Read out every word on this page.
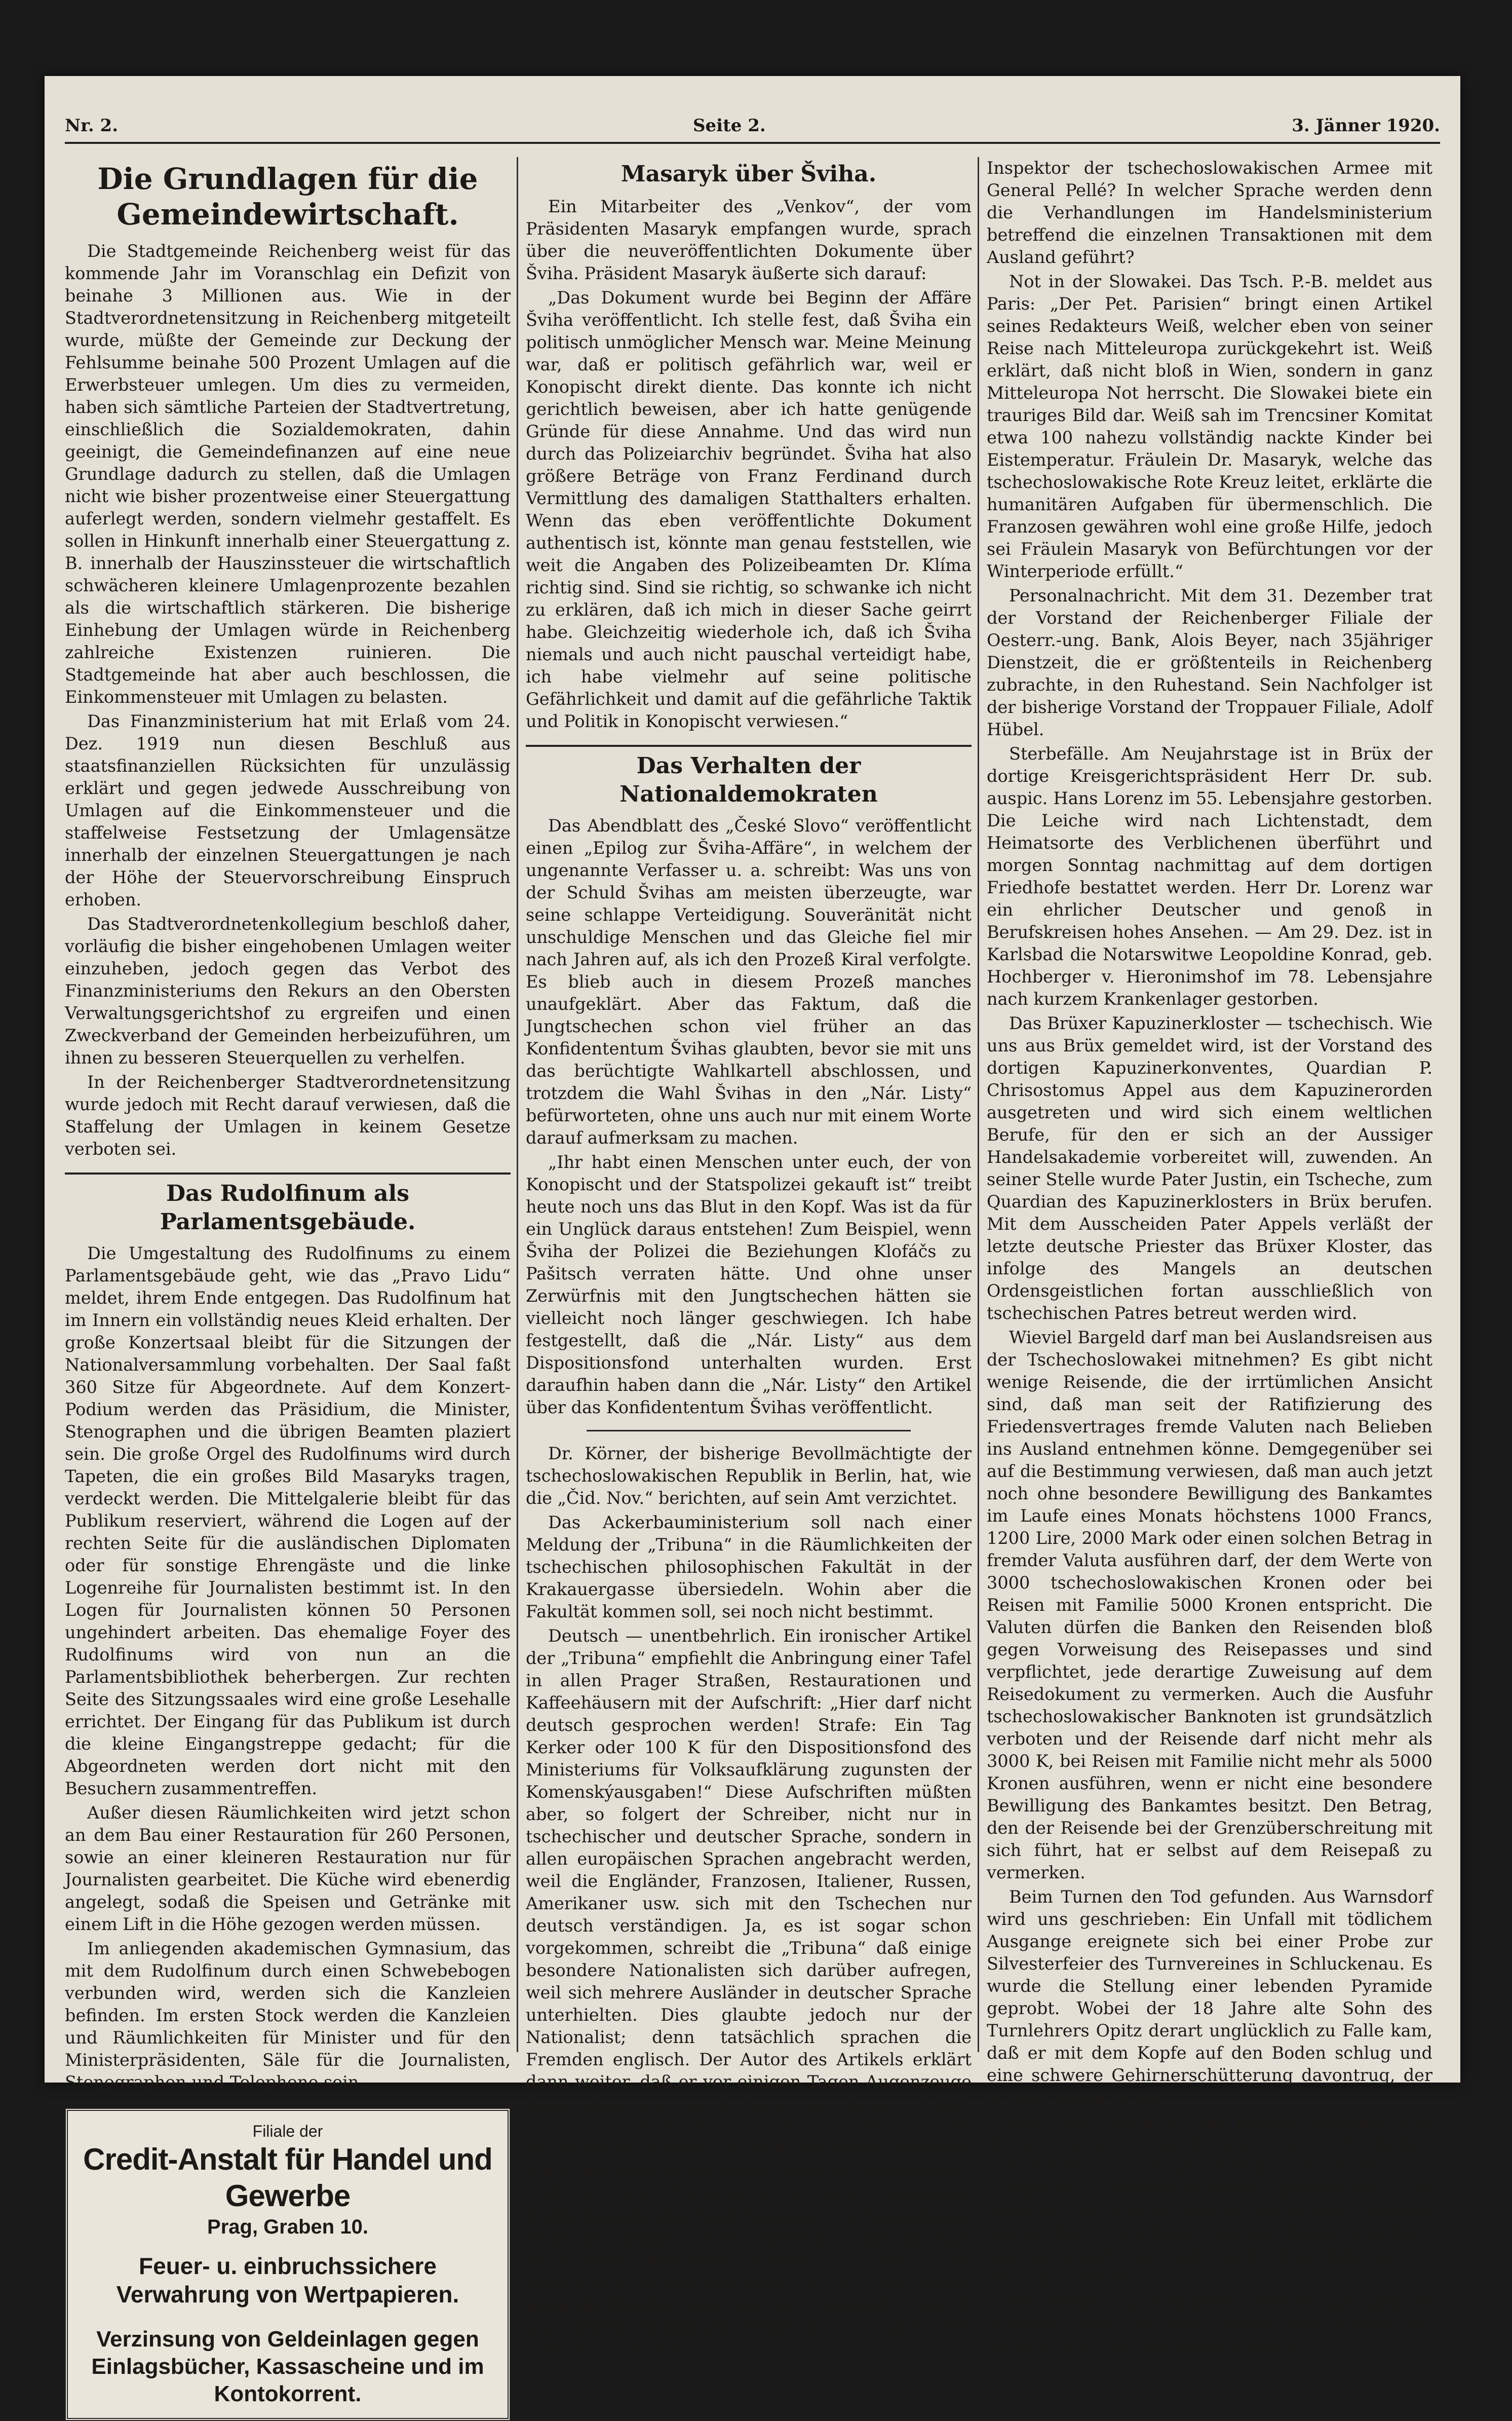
Nr. 2.	Seite 2.	3. Jänner 1920.
Die Grundlagen für die Gemeindewirtschaft.

Die Stadtgemeinde Reichenberg weist für das kommende Jahr im Voranschlag ein Defizit von beinahe 3 Millionen aus. Wie in der Stadtverordnetensitzung in Reichenberg mitgeteilt wurde, müßte der Gemeinde zur Deckung der Fehlsumme beinahe 500 Prozent Umlagen auf die Erwerbsteuer umlegen. Um dies zu vermeiden, haben sich sämtliche Parteien der Stadtvertretung, einschließlich die Sozialdemokraten, dahin geeinigt, die Gemeindefinanzen auf eine neue Grundlage dadurch zu stellen, daß die Umlagen nicht wie bisher prozentweise einer Steuergattung auferlegt werden, sondern vielmehr gestaffelt. Es sollen in Hinkunft innerhalb einer Steuergattung z. B. innerhalb der Hauszinssteuer die wirtschaftlich schwächeren kleinere Umlagenprozente bezahlen als die wirtschaftlich stärkeren. Die bisherige Einhebung der Umlagen würde in Reichenberg zahlreiche Existenzen ruinieren. Die Stadtgemeinde hat aber auch beschlossen, die Einkommensteuer mit Umlagen zu belasten.

Das Finanzministerium hat mit Erlaß vom 24. Dez. 1919 nun diesen Beschluß aus staatsfinanziellen Rücksichten für unzulässig erklärt und gegen jedwede Ausschreibung von Umlagen auf die Einkommensteuer und die staffelweise Festsetzung der Umlagensätze innerhalb der einzelnen Steuergattungen je nach der Höhe der Steuervorschreibung Einspruch erhoben.

Das Stadtverordnetenkollegium beschloß daher, vorläufig die bisher eingehobenen Umlagen weiter einzuheben, jedoch gegen das Verbot des Finanzministeriums den Rekurs an den Obersten Verwaltungsgerichtshof zu ergreifen und einen Zweckverband der Gemeinden herbeizuführen, um ihnen zu besseren Steuerquellen zu verhelfen.

In der Reichenberger Stadtverordnetensitzung wurde jedoch mit Recht darauf verwiesen, daß die Staffelung der Umlagen in keinem Gesetze verboten sei.

Das Rudolfinum als Parlamentsgebäude.

Die Umgestaltung des Rudolfinums zu einem Parlamentsgebäude geht, wie das „Pravo Lidu“ meldet, ihrem Ende entgegen. Das Rudolfinum hat im Innern ein vollständig neues Kleid erhalten. Der große Konzertsaal bleibt für die Sitzungen der Nationalversammlung vorbehalten. Der Saal faßt 360 Sitze für Abgeordnete. Auf dem Konzert-Podium werden das Präsidium, die Minister, Stenographen und die übrigen Beamten plaziert sein. Die große Orgel des Rudolfinums wird durch Tapeten, die ein großes Bild Masaryks tragen, verdeckt werden. Die Mittelgalerie bleibt für das Publikum reserviert, während die Logen auf der rechten Seite für die ausländischen Diplomaten oder für sonstige Ehrengäste und die linke Logenreihe für Journalisten bestimmt ist. In den Logen für Journalisten können 50 Personen ungehindert arbeiten. Das ehemalige Foyer des Rudolfinums wird von nun an die Parlamentsbibliothek beherbergen. Zur rechten Seite des Sitzungssaales wird eine große Lesehalle errichtet. Der Eingang für das Publikum ist durch die kleine Eingangstreppe gedacht; für die Abgeordneten werden dort nicht mit den Besuchern zusammentreffen.

Außer diesen Räumlichkeiten wird jetzt schon an dem Bau einer Restauration für 260 Personen, sowie an einer kleineren Restauration nur für Journalisten gearbeitet. Die Küche wird ebenerdig angelegt, sodaß die Speisen und Getränke mit einem Lift in die Höhe gezogen werden müssen.

Im anliegenden akademischen Gymnasium, das mit dem Rudolfinum durch einen Schwebebogen verbunden wird, werden sich die Kanzleien befinden. Im ersten Stock werden die Kanzleien und Räumlichkeiten für Minister und für den Ministerpräsidenten, Säle für die Journalisten, Stenographen und Telephone sein.

Filiale der
Credit-Anstalt für Handel und Gewerbe
Prag, Graben 10.
Feuer- u. einbruchssichere Verwahrung von Wertpapieren.
Verzinsung von Geldeinlagen gegen Einlagsbücher, Kassascheine und im Kontokorrent.
Masaryk über Šviha.

Ein Mitarbeiter des „Venkov“, der vom Präsidenten Masaryk empfangen wurde, sprach über die neuveröffentlichten Dokumente über Šviha. Präsident Masaryk äußerte sich darauf:

„Das Dokument wurde bei Beginn der Affäre Šviha veröffentlicht. Ich stelle fest, daß Šviha ein politisch unmöglicher Mensch war. Meine Meinung war, daß er politisch gefährlich war, weil er Konopischt direkt diente. Das konnte ich nicht gerichtlich beweisen, aber ich hatte genügende Gründe für diese Annahme. Und das wird nun durch das Polizeiarchiv begründet. Šviha hat also größere Beträge von Franz Ferdinand durch Vermittlung des damaligen Statthalters erhalten. Wenn das eben veröffentlichte Dokument authentisch ist, könnte man genau feststellen, wie weit die Angaben des Polizeibeamten Dr. Klíma richtig sind. Sind sie richtig, so schwanke ich nicht zu erklären, daß ich mich in dieser Sache geirrt habe. Gleichzeitig wiederhole ich, daß ich Šviha niemals und auch nicht pauschal verteidigt habe, ich habe vielmehr auf seine politische Gefährlichkeit und damit auf die gefährliche Taktik und Politik in Konopischt verwiesen.“

Das Verhalten der Nationaldemokraten

Das Abendblatt des „České Slovo“ veröffentlicht einen „Epilog zur Šviha-Affäre“, in welchem der ungenannte Verfasser u. a. schreibt: Was uns von der Schuld Švihas am meisten überzeugte, war seine schlappe Verteidigung. Souveränität nicht unschuldige Menschen und das Gleiche fiel mir nach Jahren auf, als ich den Prozeß Kiral verfolgte. Es blieb auch in diesem Prozeß manches unaufgeklärt. Aber das Faktum, daß die Jungtschechen schon viel früher an das Konfidententum Švihas glaubten, bevor sie mit uns das berüchtigte Wahlkartell abschlossen, und trotzdem die Wahl Švihas in den „Nár. Listy“ befürworteten, ohne uns auch nur mit einem Worte darauf aufmerksam zu machen.

„Ihr habt einen Menschen unter euch, der von Konopischt und der Statspolizei gekauft ist“ treibt heute noch uns das Blut in den Kopf. Was ist da für ein Unglück daraus entstehen! Zum Beispiel, wenn Šviha der Polizei die Beziehungen Klofáčs zu Pašitsch verraten hätte. Und ohne unser Zerwürfnis mit den Jungtschechen hätten sie vielleicht noch länger geschwiegen. Ich habe festgestellt, daß die „Nár. Listy“ aus dem Dispositionsfond unterhalten wurden. Erst daraufhin haben dann die „Nár. Listy“ den Artikel über das Konfidententum Švihas veröffentlicht.

Dr. Körner, der bisherige Bevollmächtigte der tschechoslowakischen Republik in Berlin, hat, wie die „Čid. Nov.“ berichten, auf sein Amt verzichtet.

Das Ackerbauministerium soll nach einer Meldung der „Tribuna“ in die Räumlichkeiten der tschechischen philosophischen Fakultät in der Krakauergasse übersiedeln. Wohin aber die Fakultät kommen soll, sei noch nicht bestimmt.

Deutsch — unentbehrlich. Ein ironischer Artikel der „Tribuna“ empfiehlt die Anbringung einer Tafel in allen Prager Straßen, Restaurationen und Kaffeehäusern mit der Aufschrift: „Hier darf nicht deutsch gesprochen werden! Strafe: Ein Tag Kerker oder 100 K für den Dispositionsfond des Ministeriums für Volksaufklärung zugunsten der Komenskýausgaben!“ Diese Aufschriften müßten aber, so folgert der Schreiber, nicht nur in tschechischer und deutscher Sprache, sondern in allen europäischen Sprachen angebracht werden, weil die Engländer, Franzosen, Italiener, Russen, Amerikaner usw. sich mit den Tschechen nur deutsch verständigen. Ja, es ist sogar schon vorgekommen, schreibt die „Tribuna“ daß einige besondere Nationalisten sich darüber aufregen, weil sich mehrere Ausländer in deutscher Sprache unterhielten. Dies glaubte jedoch nur der Nationalist; denn tatsächlich sprachen die Fremden englisch. Der Autor des Artikels erklärt dann weiter, daß er vor einigen Tagen Augenzeuge einer Szene war, die er bisher nie glauben wollte. In einem Kaffeehause saßen mehrere rein tschechische Bürger, die sich mit einem Griechen über Geschäfte in deutscher Sprache unterhielten, weil sie weder französisch, englisch, italienisch, türkisch noch griechisch konnten. Am Nebentische regte sich sogleich eine Gesellschaft auf, die man auch nicht beruhigen konnte, als ihnen der tatsächliche Grund mitgeteilt wurde. Was glaubt denn die Bevölkerung, wie der Präsident Masaryk mit seinen deutschen Besuchern spricht? Wie unterhält sich der

Inspektor der tschechoslowakischen Armee mit General Pellé? In welcher Sprache werden denn die Verhandlungen im Handelsministerium betreffend die einzelnen Transaktionen mit dem Ausland geführt?

Not in der Slowakei. Das Tsch. P.-B. meldet aus Paris: „Der Pet. Parisien“ bringt einen Artikel seines Redakteurs Weiß, welcher eben von seiner Reise nach Mitteleuropa zurückgekehrt ist. Weiß erklärt, daß nicht bloß in Wien, sondern in ganz Mitteleuropa Not herrscht. Die Slowakei biete ein trauriges Bild dar. Weiß sah im Trencsiner Komitat etwa 100 nahezu vollständig nackte Kinder bei Eistemperatur. Fräulein Dr. Masaryk, welche das tschechoslowakische Rote Kreuz leitet, erklärte die humanitären Aufgaben für übermenschlich. Die Franzosen gewähren wohl eine große Hilfe, jedoch sei Fräulein Masaryk von Befürchtungen vor der Winterperiode erfüllt.“

Personalnachricht. Mit dem 31. Dezember trat der Vorstand der Reichenberger Filiale der Oesterr.-ung. Bank, Alois Beyer, nach 35jähriger Dienstzeit, die er größtenteils in Reichenberg zubrachte, in den Ruhestand. Sein Nachfolger ist der bisherige Vorstand der Troppauer Filiale, Adolf Hübel.

Sterbefälle. Am Neujahrstage ist in Brüx der dortige Kreisgerichtspräsident Herr Dr. sub. auspic. Hans Lorenz im 55. Lebensjahre gestorben. Die Leiche wird nach Lichtenstadt, dem Heimatsorte des Verblichenen überführt und morgen Sonntag nachmittag auf dem dortigen Friedhofe bestattet werden. Herr Dr. Lorenz war ein ehrlicher Deutscher und genoß in Berufskreisen hohes Ansehen. — Am 29. Dez. ist in Karlsbad die Notarswitwe Leopoldine Konrad, geb. Hochberger v. Hieronimshof im 78. Lebensjahre nach kurzem Krankenlager gestorben.

Das Brüxer Kapuzinerkloster — tschechisch. Wie uns aus Brüx gemeldet wird, ist der Vorstand des dortigen Kapuzinerkonventes, Quardian P. Chrisostomus Appel aus dem Kapuzinerorden ausgetreten und wird sich einem weltlichen Berufe, für den er sich an der Aussiger Handelsakademie vorbereitet will, zuwenden. An seiner Stelle wurde Pater Justin, ein Tscheche, zum Quardian des Kapuzinerklosters in Brüx berufen. Mit dem Ausscheiden Pater Appels verläßt der letzte deutsche Priester das Brüxer Kloster, das infolge des Mangels an deutschen Ordensgeistlichen fortan ausschließlich von tschechischen Patres betreut werden wird.

Wieviel Bargeld darf man bei Auslandsreisen aus der Tschechoslowakei mitnehmen? Es gibt nicht wenige Reisende, die der irrtümlichen Ansicht sind, daß man seit der Ratifizierung des Friedensvertrages fremde Valuten nach Belieben ins Ausland entnehmen könne. Demgegenüber sei auf die Bestimmung verwiesen, daß man auch jetzt noch ohne besondere Bewilligung des Bankamtes im Laufe eines Monats höchstens 1000 Francs, 1200 Lire, 2000 Mark oder einen solchen Betrag in fremder Valuta ausführen darf, der dem Werte von 3000 tschechoslowakischen Kronen oder bei Reisen mit Familie 5000 Kronen entspricht. Die Valuten dürfen die Banken den Reisenden bloß gegen Vorweisung des Reisepasses und sind verpflichtet, jede derartige Zuweisung auf dem Reisedokument zu vermerken. Auch die Ausfuhr tschechoslowakischer Banknoten ist grundsätzlich verboten und der Reisende darf nicht mehr als 3000 K, bei Reisen mit Familie nicht mehr als 5000 Kronen ausführen, wenn er nicht eine besondere Bewilligung des Bankamtes besitzt. Den Betrag, den der Reisende bei der Grenzüberschreitung mit sich führt, hat er selbst auf dem Reisepaß zu vermerken.

Beim Turnen den Tod gefunden. Aus Warnsdorf wird uns geschrieben: Ein Unfall mit tödlichem Ausgange ereignete sich bei einer Probe zur Silvesterfeier des Turnvereines in Schluckenau. Es wurde die Stellung einer lebenden Pyramide geprobt. Wobei der 18 Jahre alte Sohn des Turnlehrers Opitz derart unglücklich zu Falle kam, daß er mit dem Kopfe auf den Boden schlug und eine schwere Gehirnerschütterung davontrug, der er bald darauf erlag.

Das „Gott erhalte“ am Wiener Silvester. Aus Wien wird gemeldet: In zahlreichen öffentlichen Lokalen ist es bei der diesjährigen Silvesterfeier zu politischen Demonstrationen gekommen. Die Besucher verlangten, daß so wie in den früheren Jahren das „Gott erhalte“ von den Konzertmusikern gespielt werde, was denn auch unter dem Beifalle der Gäste geschah.

Die Steuern in Frankreich werden um rund 50 Prozent erhöht, und zwar betrifft die Erhöhung die direkten und die indirekten Steuern.
